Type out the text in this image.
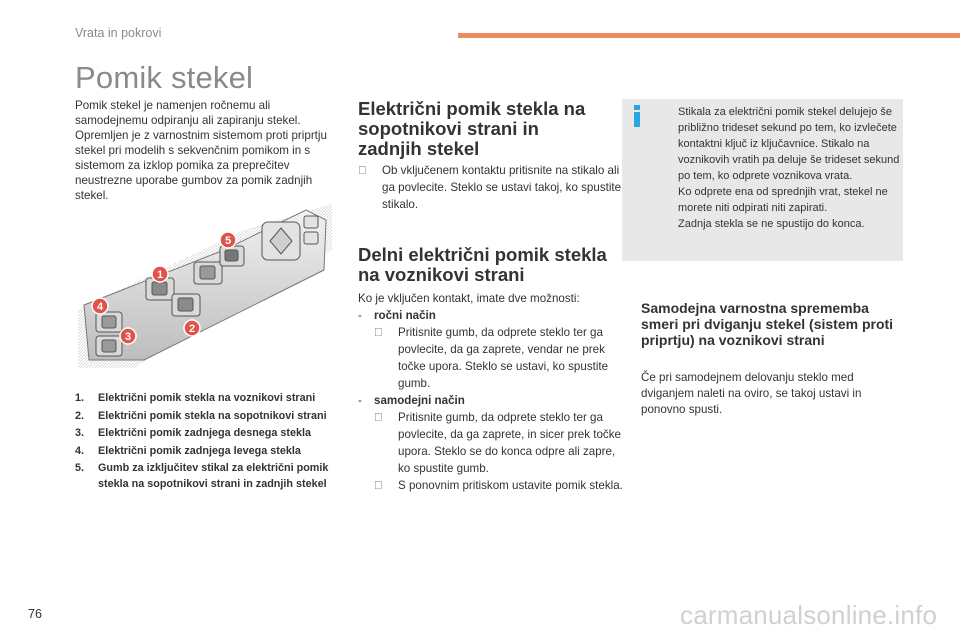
Vrata in pokrovi
Pomik stekel
Pomik stekel je namenjen ročnemu ali samodejnemu odpiranju ali zapiranju stekel. Opremljen je z varnostnim sistemom proti priprtju stekel pri modelih s sekvenčnim pomikom in s sistemom za izklop pomika za preprečitev neustrezne uporabe gumbov za pomik zadnjih stekel.
1
2
3
4
5
1. Električni pomik stekla na voznikovi strani
2. Električni pomik stekla na sopotnikovi strani
3. Električni pomik zadnjega desnega stekla
4. Električni pomik zadnjega levega stekla
5. Gumb za izključitev stikal za električni pomik stekla na sopotnikovi strani in zadnjih stekel
Električni pomik stekla na sopotnikovi strani in zadnjih stekel
Ob vključenem kontaktu pritisnite na stikalo ali ga povlecite. Steklo se ustavi takoj, ko spustite stikalo.
Delni električni pomik stekla na voznikovi strani
Ko je vključen kontakt, imate dve možnosti:
- ročni način
Pritisnite gumb, da odprete steklo ter ga povlecite, da ga zaprete, vendar ne prek točke upora. Steklo se ustavi, ko spustite gumb.
- samodejni način
Pritisnite gumb, da odprete steklo ter ga povlecite, da ga zaprete, in sicer prek točke upora. Steklo se do konca odpre ali zapre, ko spustite gumb.
S ponovnim pritiskom ustavite pomik stekla.
Stikala za električni pomik stekel delujejo še približno trideset sekund po tem, ko izvlečete kontaktni ključ iz ključavnice. Stikalo na voznikovih vratih pa deluje še trideset sekund po tem, ko odprete voznikova vrata.
Ko odprete ena od sprednjih vrat, stekel ne morete niti odpirati niti zapirati.
Zadnja stekla se ne spustijo do konca.
Samodejna varnostna sprememba smeri pri dviganju stekel (sistem proti priprtju) na voznikovi strani
Če pri samodejnem delovanju steklo med dviganjem naleti na oviro, se takoj ustavi in ponovno spusti.
76	carmanualsonline.info
